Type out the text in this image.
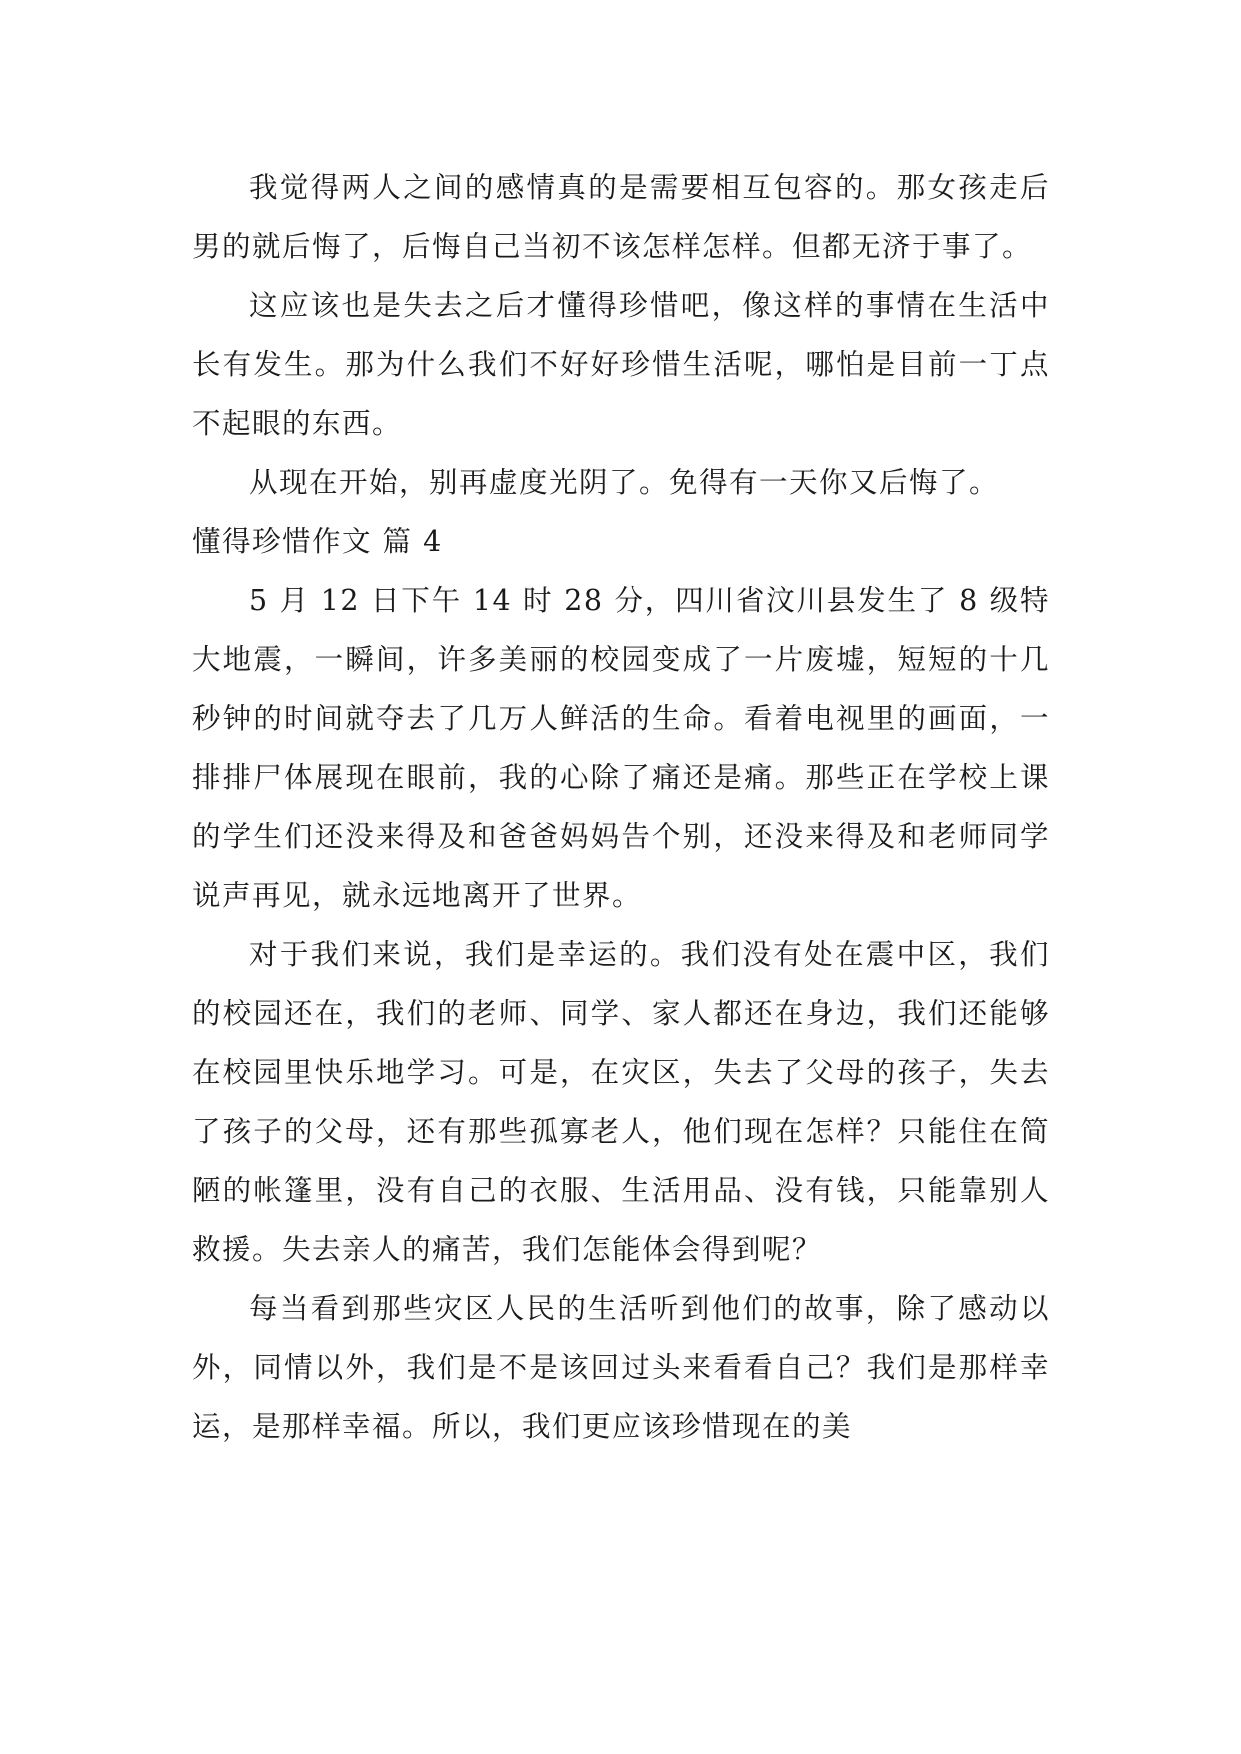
我觉得两人之间的感情真的是需要相互包容的。那女孩走后男的就后悔了，后悔自己当初不该怎样怎样。但都无济于事了。

这应该也是失去之后才懂得珍惜吧，像这样的事情在生活中长有发生。那为什么我们不好好珍惜生活呢，哪怕是目前一丁点不起眼的东西。

从现在开始，别再虚度光阴了。免得有一天你又后悔了。

懂得珍惜作文 篇 4

5 月 12 日下午 14 时 28 分，四川省汶川县发生了 8 级特大地震，一瞬间，许多美丽的校园变成了一片废墟，短短的十几秒钟的时间就夺去了几万人鲜活的生命。看着电视里的画面，一排排尸体展现在眼前，我的心除了痛还是痛。那些正在学校上课的学生们还没来得及和爸爸妈妈告个别，还没来得及和老师同学说声再见，就永远地离开了世界。

对于我们来说，我们是幸运的。我们没有处在震中区，我们的校园还在，我们的老师、同学、家人都还在身边，我们还能够在校园里快乐地学习。可是，在灾区，失去了父母的孩子，失去了孩子的父母，还有那些孤寡老人，他们现在怎样？只能住在简陋的帐篷里，没有自己的衣服、生活用品、没有钱，只能靠别人救援。失去亲人的痛苦，我们怎能体会得到呢？

每当看到那些灾区人民的生活听到他们的故事，除了感动以外，同情以外，我们是不是该回过头来看看自己？我们是那样幸运，是那样幸福。所以，我们更应该珍惜现在的美
